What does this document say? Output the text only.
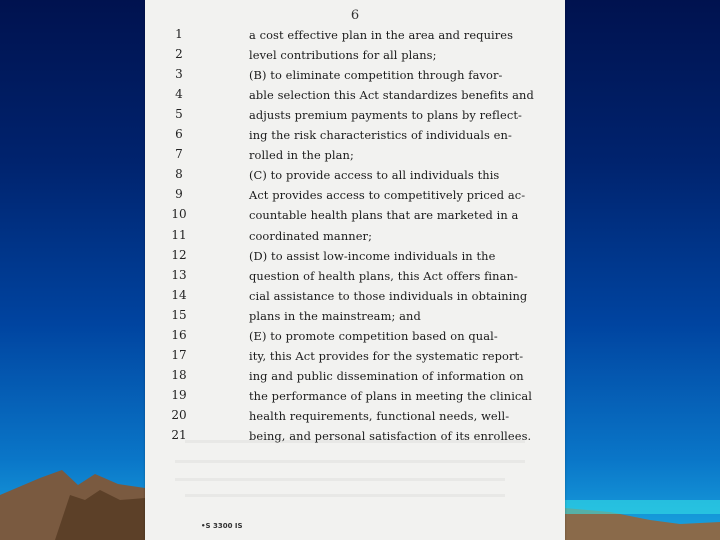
6
1	a cost effective plan in the area and requires
2	level contributions for all plans;
3	(B) to eliminate competition through favor-
4	able selection this Act standardizes benefits and
5	adjusts premium payments to plans by reflect-
6	ing the risk characteristics of individuals en-
7	rolled in the plan;
8	(C) to provide access to all individuals this
9	Act provides access to competitively priced ac-
10	countable health plans that are marketed in a
11	coordinated manner;
12	(D) to assist low-income individuals in the
13	question of health plans, this Act offers finan-
14	cial assistance to those individuals in obtaining
15	plans in the mainstream; and
16	(E) to promote competition based on qual-
17	ity, this Act provides for the systematic report-
18	ing and public dissemination of information on
19	the performance of plans in meeting the clinical
20	health requirements, functional needs, well-
21	being, and personal satisfaction of its enrollees.
•S 3300 IS
